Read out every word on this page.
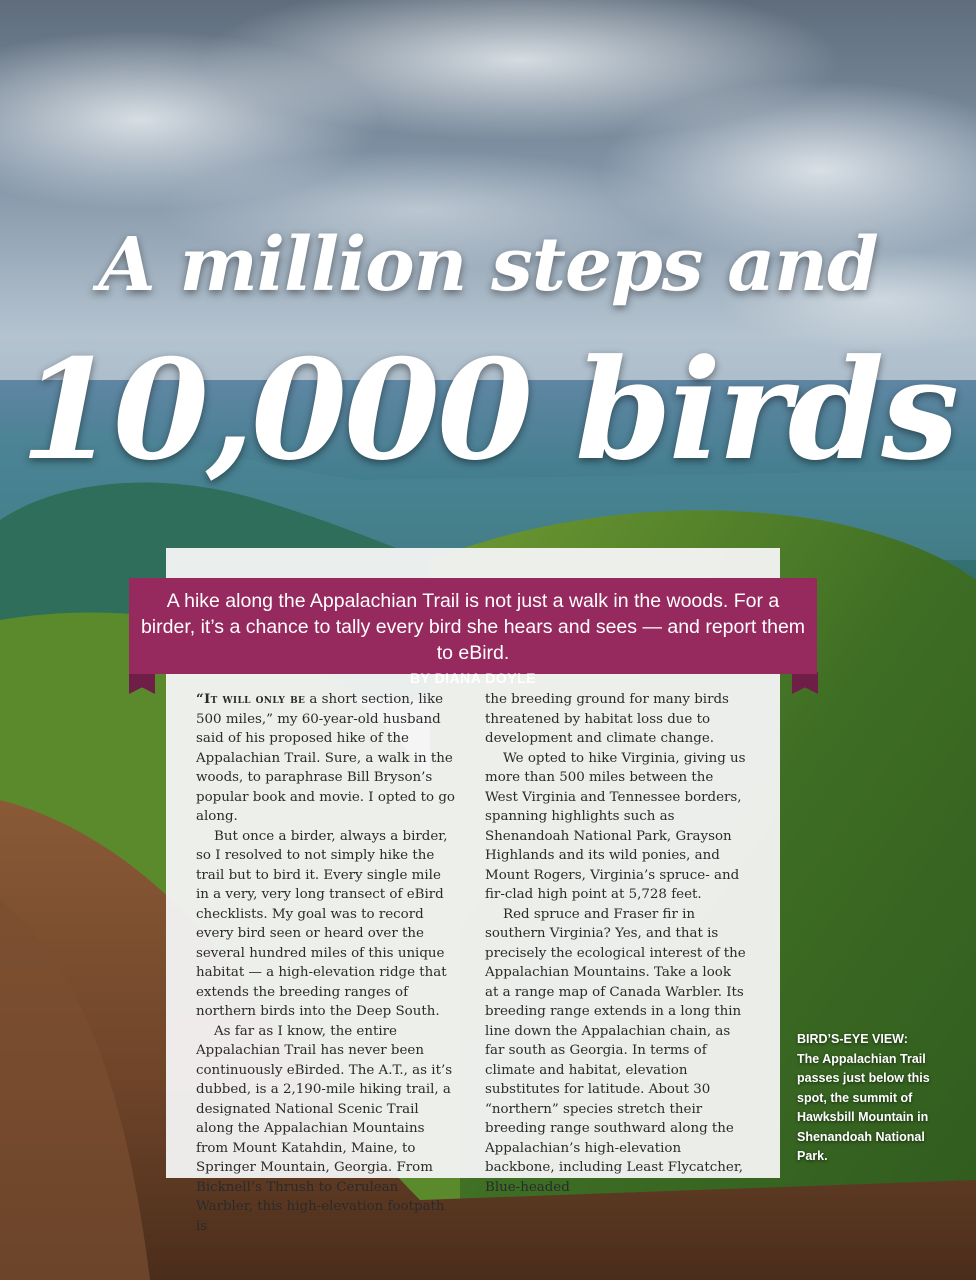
A million steps and
10,000 birds
A hike along the Appalachian Trail is not just a walk in the woods. For a birder, it’s a chance to tally every bird she hears and sees — and report them to eBird.
BY DIANA DOYLE

“It will only be a short section, like 500 miles,” my 60-year-old husband said of his proposed hike of the Appalachian Trail. Sure, a walk in the woods, to paraphrase Bill Bryson’s popular book and movie. I opted to go along.

But once a birder, always a birder, so I resolved to not simply hike the trail but to bird it. Every single mile in a very, very long transect of eBird checklists. My goal was to record every bird seen or heard over the several hundred miles of this unique habitat — a high-elevation ridge that extends the breeding ranges of northern birds into the Deep South.

As far as I know, the entire Appalachian Trail has never been continuously eBirded. The A.T., as it’s dubbed, is a 2,190-mile hiking trail, a designated National Scenic Trail along the Appalachian Mountains from Mount Katahdin, Maine, to Springer Mountain, Georgia. From Bicknell’s Thrush to Cerulean Warbler, this high-elevation footpath is

the breeding ground for many birds threatened by habitat loss due to development and climate change.

We opted to hike Virginia, giving us more than 500 miles between the West Virginia and Tennessee borders, spanning highlights such as Shenandoah National Park, Grayson Highlands and its wild ponies, and Mount Rogers, Virginia’s spruce- and fir-clad high point at 5,728 feet.

Red spruce and Fraser fir in southern Virginia? Yes, and that is precisely the ecological interest of the Appalachian Mountains. Take a look at a range map of Canada Warbler. Its breeding range extends in a long thin line down the Appalachian chain, as far south as Georgia. In terms of climate and habitat, elevation substitutes for latitude. About 30 “northern” species stretch their breeding range southward along the Appalachian’s high-elevation backbone, including Least Flycatcher, Blue-headed

BIRD’S-EYE VIEW:
The Appalachian Trail passes just below this spot, the summit of Hawksbill Mountain in Shenandoah National Park.
